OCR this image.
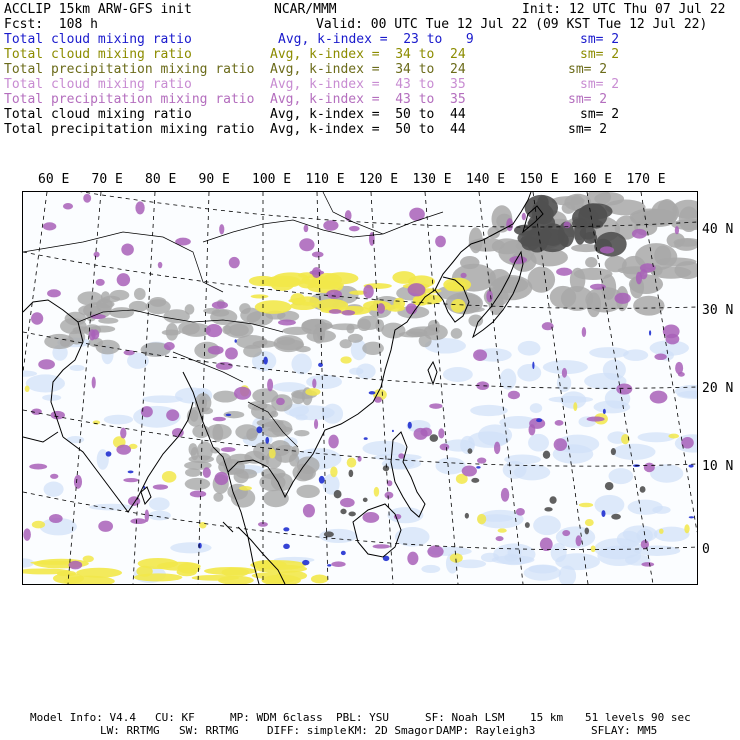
ACCLIP 15km ARW-GFS init	NCAR/MMM	Init: 12 UTC Thu 07 Jul 22
Fcst:  108 h	Valid: 00 UTC Tue 12 Jul 22 (09 KST Tue 12 Jul 22)
Total cloud mixing ratio	Avg, k-index =  23 to   9	sm= 2
Total cloud mixing ratio	Avg, k-index =  34 to  24	sm= 2
Total precipitation mixing ratio Avg, k-index =  34 to  24	sm= 2
Total cloud mixing ratio	Avg, k-index =  43 to  35	sm= 2
Total precipitation mixing ratio Avg, k-index =  43 to  35	sm= 2
Total cloud mixing ratio	Avg, k-index =  50 to  44	sm= 2
Total precipitation mixing ratio Avg, k-index =  50 to  44	sm= 2
60 E 70 E 80 E 90 E 100 E 110 E 120 E 130 E 140 E 150 E 160 E 170 E
40 N
30 N
20 N
10 N
0
Model Info: V4.4 CU: KF	MP: WDM 6class PBL: YSU	SF: Noah LSM 15 km 51 levels 90 sec
LW: RRTMG SW: RRTMG	DIFF: simple KM: 2D Smagor DAMP: Rayleigh3	SFLAY: MM5
